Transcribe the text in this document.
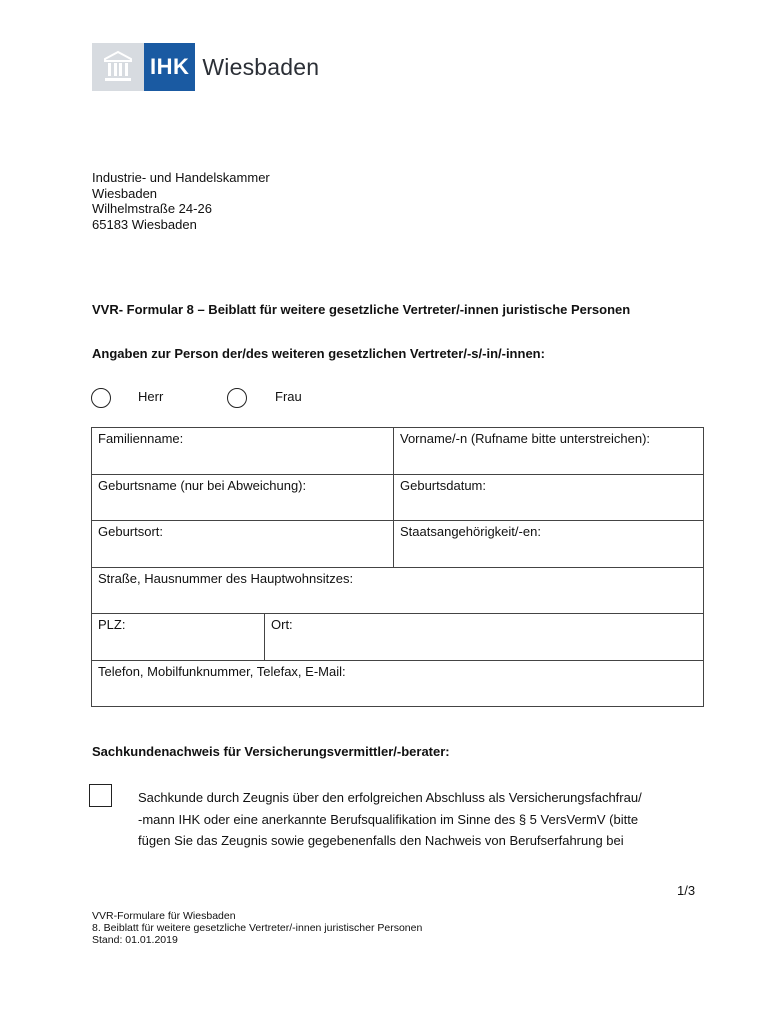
IHK Wiesbaden
Industrie- und Handelskammer
Wiesbaden
Wilhelmstraße 24-26
65183 Wiesbaden
VVR- Formular 8 – Beiblatt für weitere gesetzliche Vertreter/-innen juristische Personen
Angaben zur Person der/des weiteren gesetzlichen Vertreter/-s/-in/-innen:
Herr	Frau
Familienname:	Vorname/-n (Rufname bitte unterstreichen):
Geburtsname (nur bei Abweichung):	Geburtsdatum:
Geburtsort:	Staatsangehörigkeit/-en:
Straße, Hausnummer des Hauptwohnsitzes:
PLZ:	Ort:
Telefon, Mobilfunknummer, Telefax, E-Mail:
Sachkundenachweis für Versicherungsvermittler/-berater:
Sachkunde durch Zeugnis über den erfolgreichen Abschluss als Versicherungsfachfrau/
-mann IHK oder eine anerkannte Berufsqualifikation im Sinne des § 5 VersVermV (bitte
fügen Sie das Zeugnis sowie gegebenenfalls den Nachweis von Berufserfahrung bei
1/3
VVR-Formulare für Wiesbaden
8. Beiblatt für weitere gesetzliche Vertreter/-innen juristischer Personen
Stand: 01.01.2019
